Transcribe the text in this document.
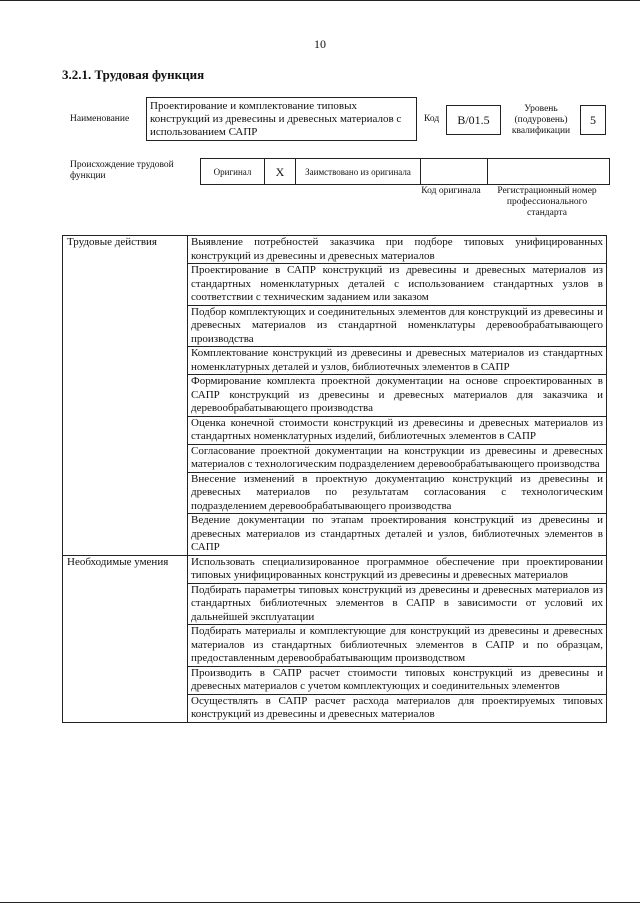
10
3.2.1. Трудовая функция
Наименование
Проектирование и комплектование типовых конструкций из древесины и древесных материалов с использованием САПР
Код	B/01.5
Уровень (подуровень) квалификации
5
Происхождение трудовой функции	Оригинал	X	Заимствовано из оригинала		
Код оригинала	Регистрационный номер профессионального стандарта
Трудовые действия	Выявление потребностей заказчика при подборе типовых унифицированных конструкций из древесины и древесных материалов
	Проектирование в САПР конструкций из древесины и древесных материалов из стандартных номенклатурных деталей с использованием стандартных узлов в соответствии с техническим заданием или заказом
	Подбор комплектующих и соединительных элементов для конструкций из древесины и древесных материалов из стандартной номенклатуры деревообрабатывающего производства
	Комплектование конструкций из древесины и древесных материалов из стандартных номенклатурных деталей и узлов, библиотечных элементов в САПР
	Формирование комплекта проектной документации на основе спроектированных в САПР конструкций из древесины и древесных материалов для заказчика и деревообрабатывающего производства
	Оценка конечной стоимости конструкций из древесины и древесных материалов из стандартных номенклатурных изделий, библиотечных элементов в САПР
	Согласование проектной документации на конструкции из древесины и древесных материалов с технологическим подразделением деревообрабатывающего производства
	Внесение изменений в проектную документацию конструкций из древесины и древесных материалов по результатам согласования с технологическим подразделением деревообрабатывающего производства
	Ведение документации по этапам проектирования конструкций из древесины и древесных материалов из стандартных деталей и узлов, библиотечных элементов в САПР
Необходимые умения	Использовать специализированное программное обеспечение при проектировании типовых унифицированных конструкций из древесины и древесных материалов
	Подбирать параметры типовых конструкций из древесины и древесных материалов из стандартных библиотечных элементов в САПР в зависимости от условий их дальнейшей эксплуатации
	Подбирать материалы и комплектующие для конструкций из древесины и древесных материалов из стандартных библиотечных элементов в САПР и по образцам, предоставленным деревообрабатывающим производством
	Производить в САПР расчет стоимости типовых конструкций из древесины и древесных материалов с учетом комплектующих и соединительных элементов
	Осуществлять в САПР расчет расхода материалов для проектируемых типовых конструкций из древесины и древесных материалов
